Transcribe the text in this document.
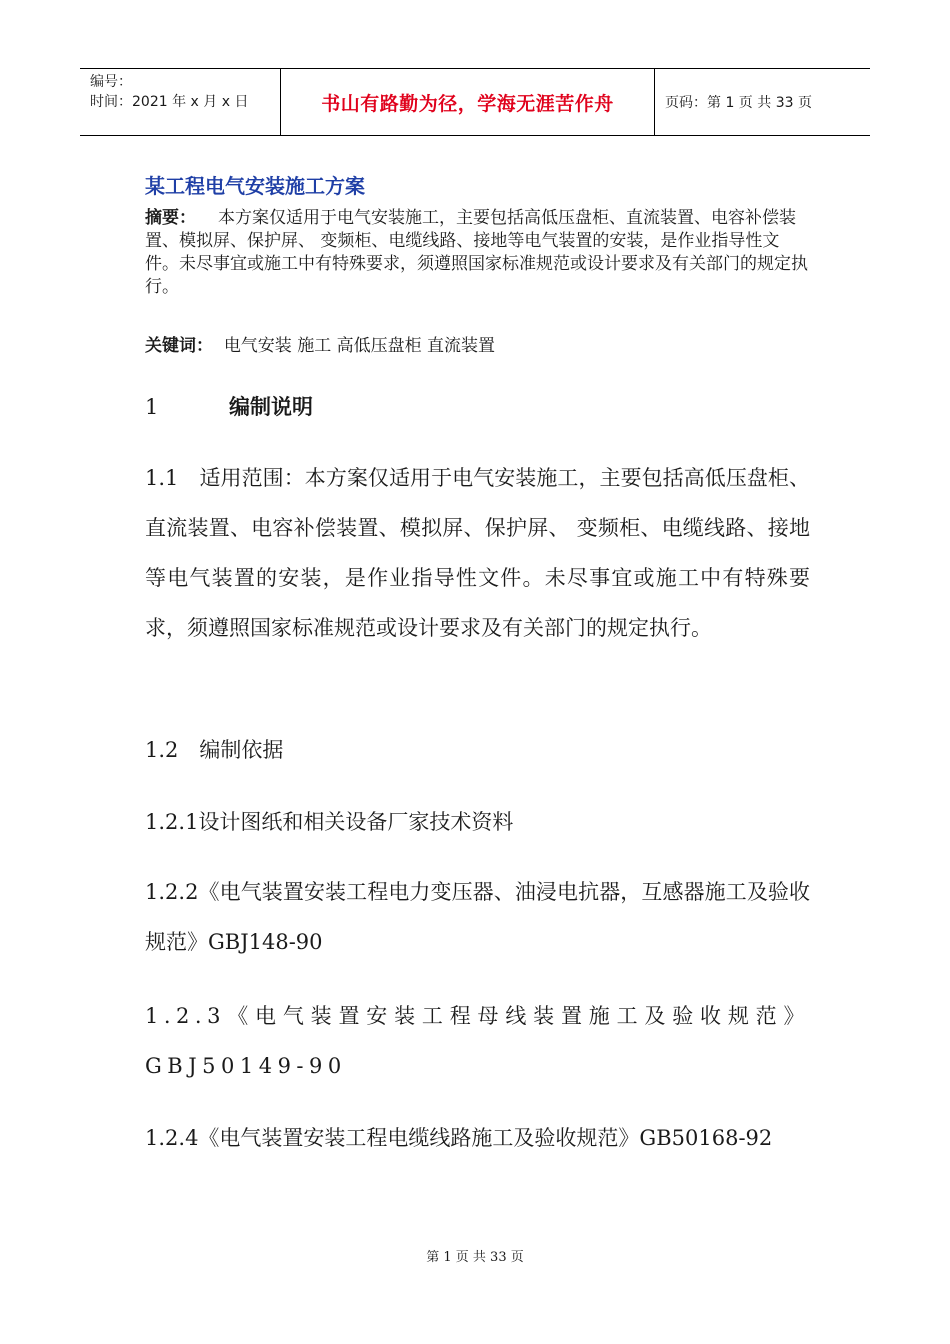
编号：
时间：2021 年 x 月 x 日	书山有路勤为径，学海无涯苦作舟	页码：第 1 页 共 33 页
某工程电气安装施工方案
摘要： 本方案仅适用于电气安装施工，主要包括高低压盘柜、直流装置、电容补偿装置、模拟屏、保护屏、 变频柜、电缆线路、接地等电气装置的安装，是作业指导性文件。未尽事宜或施工中有特殊要求，须遵照国家标准规范或设计要求及有关部门的规定执行。
关键词： 电气安装 施工 高低压盘柜 直流装置
1	编制说明
1.1　适用范围：本方案仅适用于电气安装施工，主要包括高低压盘柜、直流装置、电容补偿装置、模拟屏、保护屏、 变频柜、电缆线路、接地等电气装置的安装，是作业指导性文件。未尽事宜或施工中有特殊要求，须遵照国家标准规范或设计要求及有关部门的规定执行。
1.2　编制依据
1.2.1设计图纸和相关设备厂家技术资料
1.2.2《电气装置安装工程电力变压器、油浸电抗器，互感器施工及验收规范》GBJ148-90
1.2.3《电气装置安装工程母线装置施工及验收规范》GBJ50149-90
1.2.4《电气装置安装工程电缆线路施工及验收规范》GB50168-92
第 1 页 共 33 页
